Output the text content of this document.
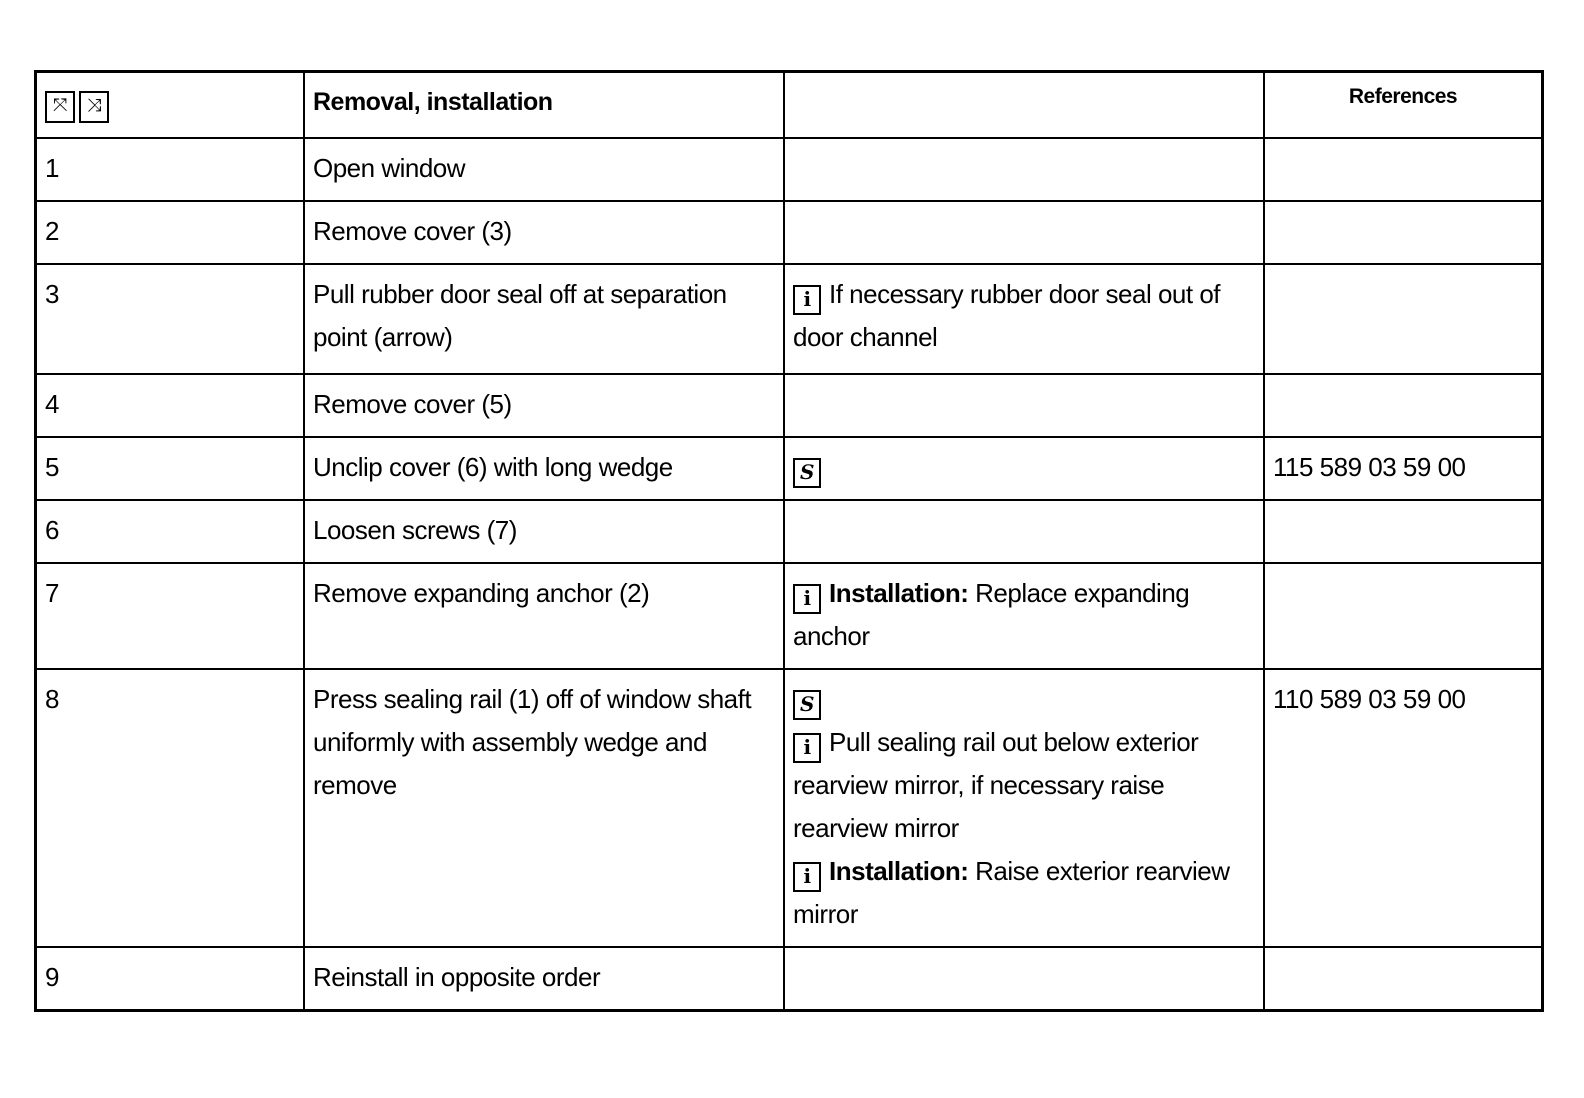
⤧ ⤨	Removal, installation		References
1	Open window		
2	Remove cover (3)		
3	Pull rubber door seal off at separation point (arrow)	i If necessary rubber door seal out of door channel	

4	Remove cover (5)		
5	Unclip cover (6) with long wedge	S	115 589 03 59 00
6	Loosen screws (7)		
7	Remove expanding anchor (2)	i Installation: Replace expanding anchor	

8	Press sealing rail (1) off of window shaft uniformly with assembly wedge and remove	S
i Pull sealing rail out below exterior rearview mirror, if necessary raise rearview mirror
i Installation: Raise exterior rearview mirror	110 589 03 59 00
9	Reinstall in opposite order		
